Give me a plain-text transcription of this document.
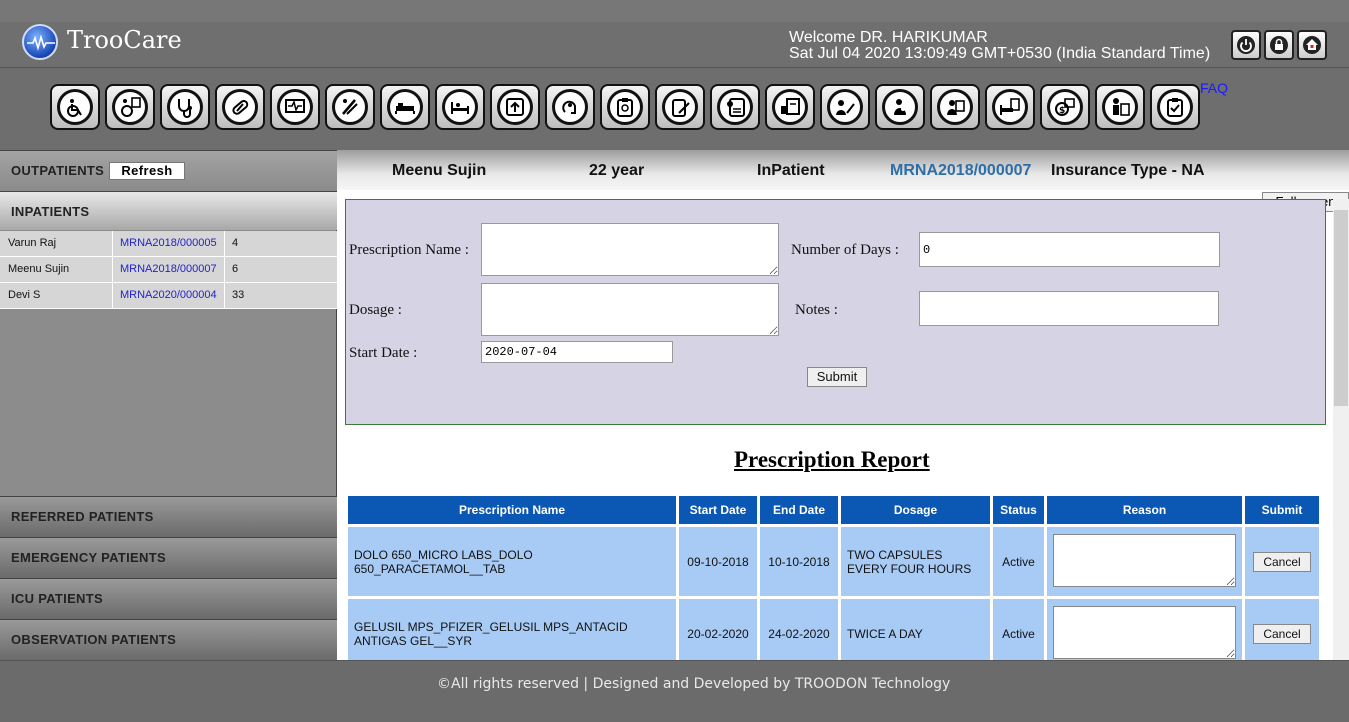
TrooCare	Welcome DR. HARIKUMAR
Sat Jul 04 2020 13:09:49 GMT+0530 (India Standard Time)
$
FAQ
OUTPATIENTS	Refresh
INPATIENTS
Varun Raj	MRNA2018/000005 4
Meenu Sujin	MRNA2018/000007 6
Devi S	MRNA2020/000004 33
REFERRED PATIENTS
EMERGENCY PATIENTS
ICU PATIENTS
OBSERVATION PATIENTS
Meenu Sujin	22 year	InPatient	MRNA2018/000007 Insurance Type - NA
Prescription Name :	Number of Days :
0
Dosage :	Notes :
Start Date :
2020-07-04
Submit
Prescription Report
Prescription Name	Start Date	End Date	Dosage	Status	Reason	Submit
DOLO 650_MICRO LABS_DOLO 650_PARACETAMOL__TAB	09-10-2018	10-10-2018	TWO CAPSULES EVERY FOUR HOURS	Active		Cancel
GELUSIL MPS_PFIZER_GELUSIL MPS_ANTACID ANTIGAS GEL__SYR	20-02-2020	24-02-2020	TWICE A DAY	Active		Cancel
©All rights reserved | Designed and Developed by TROODON Technology
